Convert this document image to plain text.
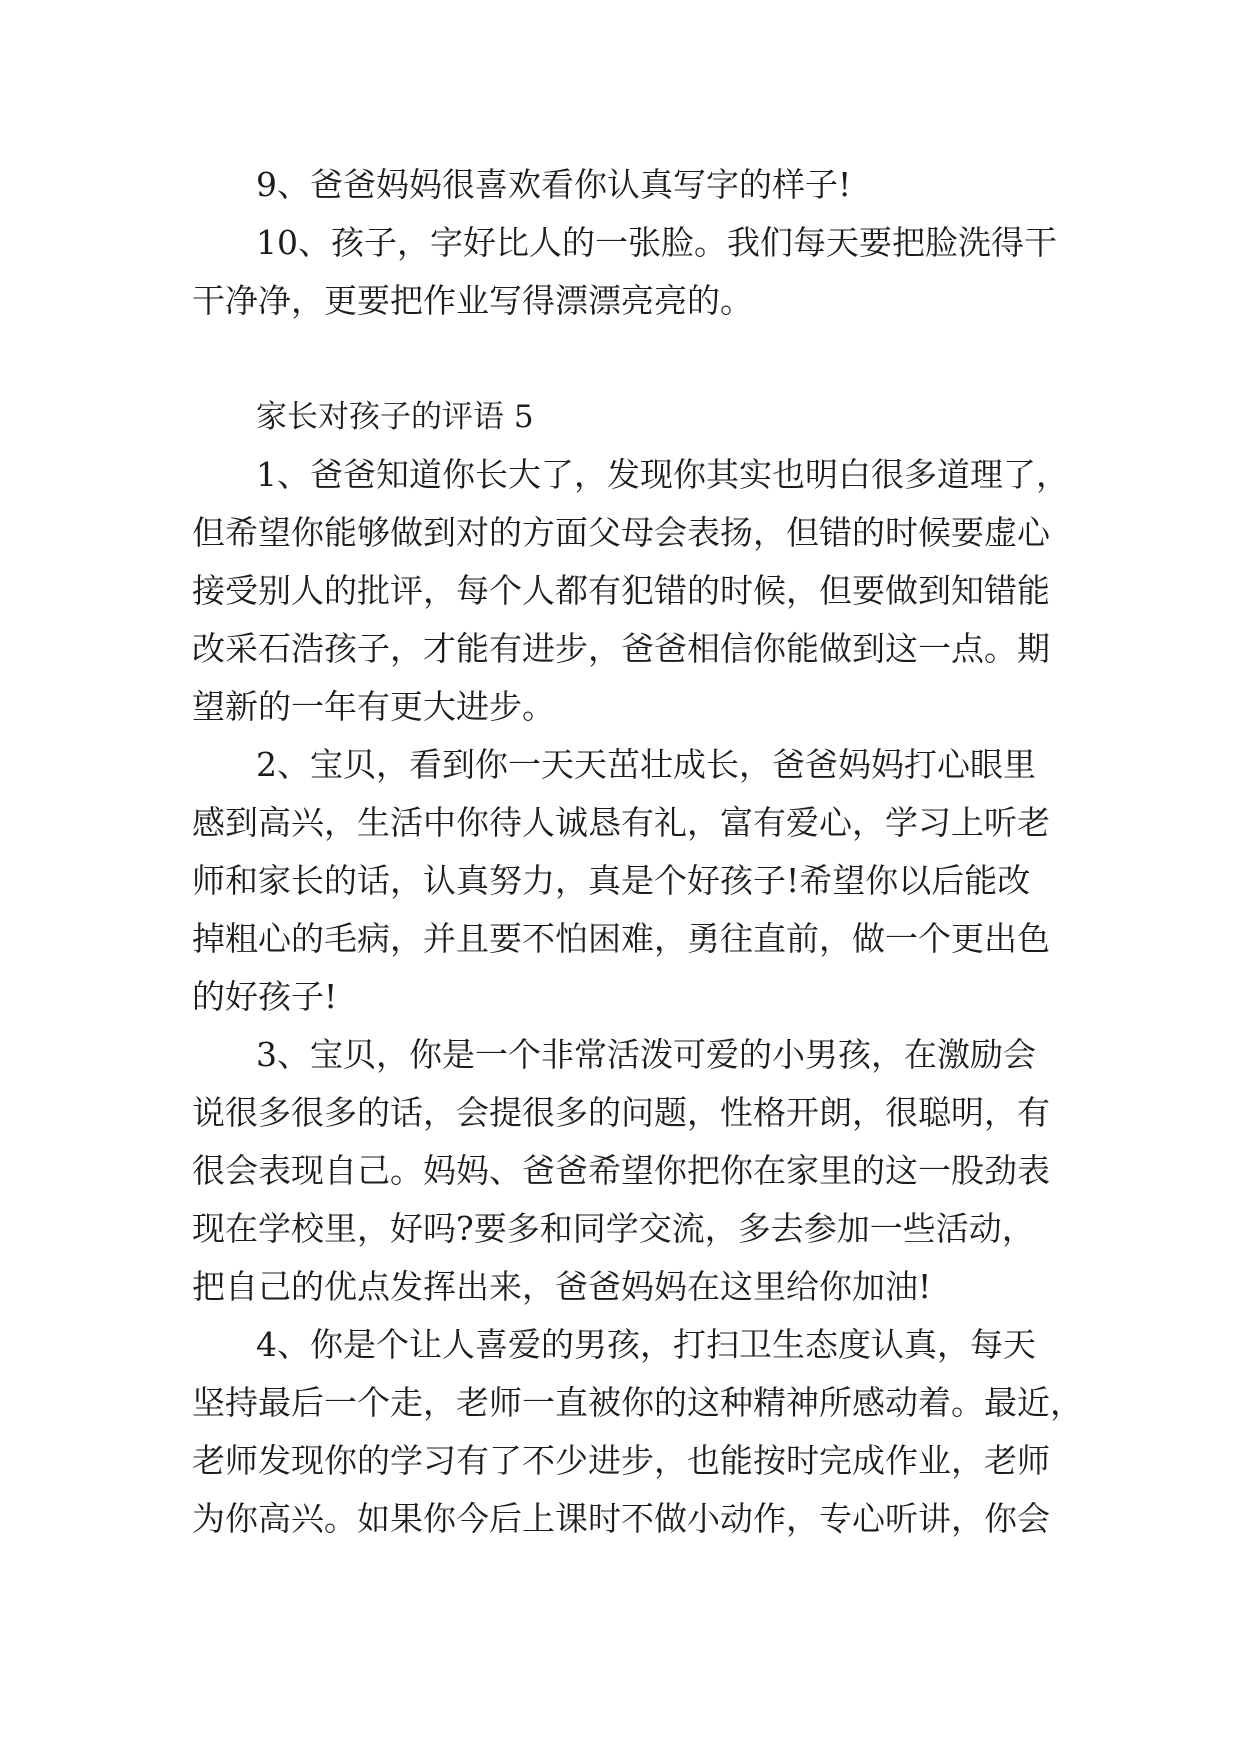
9、爸爸妈妈很喜欢看你认真写字的样子!
10、孩子，字好比人的一张脸。我们每天要把脸洗得干
干净净，更要把作业写得漂漂亮亮的。
家长对孩子的评语 5
1、爸爸知道你长大了，发现你其实也明白很多道理了，
但希望你能够做到对的方面父母会表扬，但错的时候要虚心
接受别人的批评，每个人都有犯错的时候，但要做到知错能
改采石浩孩子，才能有进步，爸爸相信你能做到这一点。期
望新的一年有更大进步。
2、宝贝，看到你一天天茁壮成长，爸爸妈妈打心眼里
感到高兴，生活中你待人诚恳有礼，富有爱心，学习上听老
师和家长的话，认真努力，真是个好孩子!希望你以后能改
掉粗心的毛病，并且要不怕困难，勇往直前，做一个更出色
的好孩子!
3、宝贝，你是一个非常活泼可爱的小男孩，在激励会
说很多很多的话，会提很多的问题，性格开朗，很聪明，有
很会表现自己。妈妈、爸爸希望你把你在家里的这一股劲表
现在学校里，好吗?要多和同学交流，多去参加一些活动，
把自己的优点发挥出来，爸爸妈妈在这里给你加油!
4、你是个让人喜爱的男孩，打扫卫生态度认真，每天
坚持最后一个走，老师一直被你的这种精神所感动着。最近，
老师发现你的学习有了不少进步，也能按时完成作业，老师
为你高兴。如果你今后上课时不做小动作，专心听讲，你会
